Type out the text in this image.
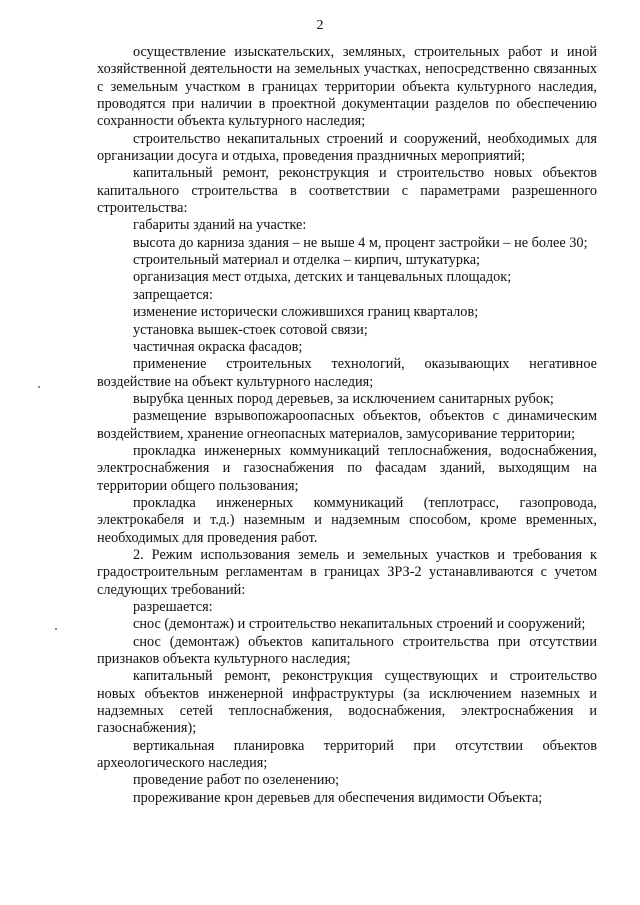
2

осуществление изыскательских, земляных, строительных работ и иной хозяйственной деятельности на земельных участках, непосредственно связанных с земельным участком в границах территории объекта культурного наследия, проводятся при наличии в проектной документации разделов по обеспечению сохранности объекта культурного наследия;

строительство некапитальных строений и сооружений, необходимых для организации досуга и отдыха, проведения праздничных мероприятий;

капитальный ремонт, реконструкция и строительство новых объектов капитального строительства в соответствии с параметрами разрешенного строительства:

габариты зданий на участке:

высота до карниза здания – не выше 4 м, процент застройки – не более 30;

строительный материал и отделка – кирпич, штукатурка;

организация мест отдыха, детских и танцевальных площадок;

запрещается:

изменение исторически сложившихся границ кварталов;

установка вышек-стоек сотовой связи;

частичная окраска фасадов;

применение строительных технологий, оказывающих негативное воздействие на объект культурного наследия;

вырубка ценных пород деревьев, за исключением санитарных рубок;

размещение взрывопожароопасных объектов, объектов с динамическим воздействием, хранение огнеопасных материалов, замусоривание территории;

прокладка инженерных коммуникаций теплоснабжения, водоснабжения, электроснабжения и газоснабжения по фасадам зданий, выходящим на территории общего пользования;

прокладка инженерных коммуникаций (теплотрасс, газопровода, электрокабеля и т.д.) наземным и надземным способом, кроме временных, необходимых для проведения работ.

2. Режим использования земель и земельных участков и требования к градостроительным регламентам в границах ЗРЗ-2 устанавливаются с учетом следующих требований:

разрешается:

снос (демонтаж) и строительство некапитальных строений и сооружений;

снос (демонтаж) объектов капитального строительства при отсутствии признаков объекта культурного наследия;

капитальный ремонт, реконструкция существующих и строительство новых объектов инженерной инфраструктуры (за исключением наземных и надземных сетей теплоснабжения, водоснабжения, электроснабжения и газоснабжения);

вертикальная планировка территорий при отсутствии объектов археологического наследия;

проведение работ по озеленению;

прореживание крон деревьев для обеспечения видимости Объекта;
